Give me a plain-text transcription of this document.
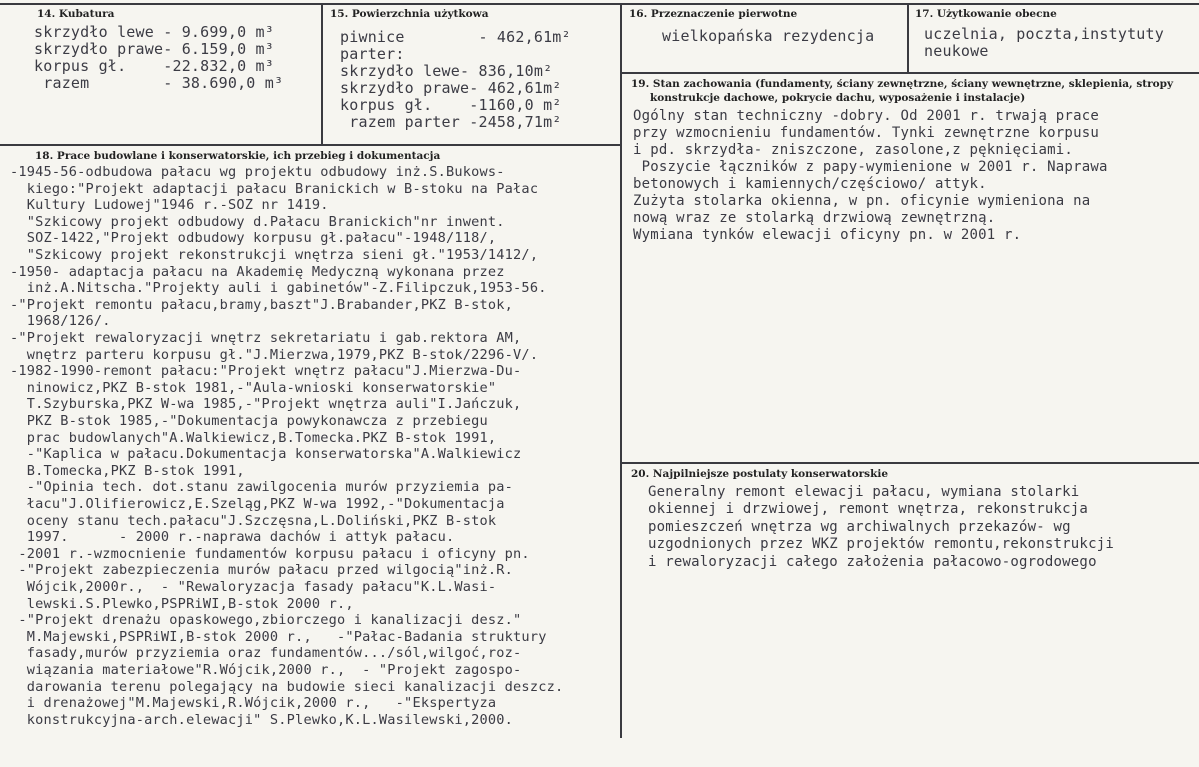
14. Kubatura
skrzydło lewe - 9.699,0 m³
skrzydło prawe- 6.159,0 m³
korpus gł.    -22.832,0 m³
razem        - 38.690,0 m³
15. Powierzchnia użytkowa
piwnice        - 462,61m²
parter:
skrzydło lewe- 836,10m²
skrzydło prawe- 462,61m²
korpus gł.    -1160,0 m²
razem parter -2458,71m²
16. Przeznaczenie pierwotne
wielkopańska rezydencja
17. Użytkowanie obecne
uczelnia, poczta,instytuty
neukowe
18. Prace budowlane i konserwatorskie, ich przebieg i dokumentacja
-1945-56-odbudowa pałacu wg projektu odbudowy inż.S.Bukows-
kiego:"Projekt adaptacji pałacu Branickich w B-stoku na Pałac
Kultury Ludowej"1946 r.-SOZ nr 1419.
"Szkicowy projekt odbudowy d.Pałacu Branickich"nr inwent.
SOZ-1422,"Projekt odbudowy korpusu gł.pałacu"-1948/118/,
"Szkicowy projekt rekonstrukcji wnętrza sieni gł."1953/1412/,
-1950- adaptacja pałacu na Akademię Medyczną wykonana przez
inż.A.Nitscha."Projekty auli i gabinetów"-Z.Filipczuk,1953-56.
-"Projekt remontu pałacu,bramy,baszt"J.Brabander,PKZ B-stok,
1968/126/.
-"Projekt rewaloryzacji wnętrz sekretariatu i gab.rektora AM,
wnętrz parteru korpusu gł."J.Mierzwa,1979,PKZ B-stok/2296-V/.
-1982-1990-remont pałacu:"Projekt wnętrz pałacu"J.Mierzwa-Du-
ninowicz,PKZ B-stok 1981,-"Aula-wnioski konserwatorskie"
T.Szyburska,PKZ W-wa 1985,-"Projekt wnętrza auli"I.Jańczuk,
PKZ B-stok 1985,-"Dokumentacja powykonawcza z przebiegu
prac budowlanych"A.Walkiewicz,B.Tomecka.PKZ B-stok 1991,
-"Kaplica w pałacu.Dokumentacja konserwatorska"A.Walkiewicz
B.Tomecka,PKZ B-stok 1991,
-"Opinia tech. dot.stanu zawilgocenia murów przyziemia pa-
łacu"J.Olifierowicz,E.Szeląg,PKZ W-wa 1992,-"Dokumentacja
oceny stanu tech.pałacu"J.Szczęsna,L.Doliński,PKZ B-stok
1997.      - 2000 r.-naprawa dachów i attyk pałacu.
-2001 r.-wzmocnienie fundamentów korpusu pałacu i oficyny pn.
-"Projekt zabezpieczenia murów pałacu przed wilgocią"inż.R.
Wójcik,2000r.,  - "Rewaloryzacja fasady pałacu"K.L.Wasi-
lewski.S.Plewko,PSPRiWI,B-stok 2000 r.,
-"Projekt drenażu opaskowego,zbiorczego i kanalizacji desz."
M.Majewski,PSPRiWI,B-stok 2000 r.,   -"Pałac-Badania struktury
fasady,murów przyziemia oraz fundamentów.../sól,wilgoć,roz-
wiązania materiałowe"R.Wójcik,2000 r.,  - "Projekt zagospo-
darowania terenu polegający na budowie sieci kanalizacji deszcz.
i drenażowej"M.Majewski,R.Wójcik,2000 r.,   -"Ekspertyza
konstrukcyjna-arch.elewacji" S.Plewko,K.L.Wasilewski,2000.
19. Stan zachowania (fundamenty, ściany zewnętrzne, ściany wewnętrzne, sklepienia, stropy
konstrukcje dachowe, pokrycie dachu, wyposażenie i instalacje)
Ogólny stan techniczny -dobry. Od 2001 r. trwają prace
przy wzmocnieniu fundamentów. Tynki zewnętrzne korpusu
i pd. skrzydła- zniszczone, zasolone,z pęknięciami.
Poszycie łączników z papy-wymienione w 2001 r. Naprawa
betonowych i kamiennych/częściowo/ attyk.
Zużyta stolarka okienna, w pn. oficynie wymieniona na
nową wraz ze stolarką drzwiową zewnętrzną.
Wymiana tynków elewacji oficyny pn. w 2001 r.
20. Najpilniejsze postulaty konserwatorskie
Generalny remont elewacji pałacu, wymiana stolarki
okiennej i drzwiowej, remont wnętrza, rekonstrukcja
pomieszczeń wnętrza wg archiwalnych przekazów- wg
uzgodnionych przez WKZ projektów remontu,rekonstrukcji
i rewaloryzacji całego założenia pałacowo-ogrodowego
